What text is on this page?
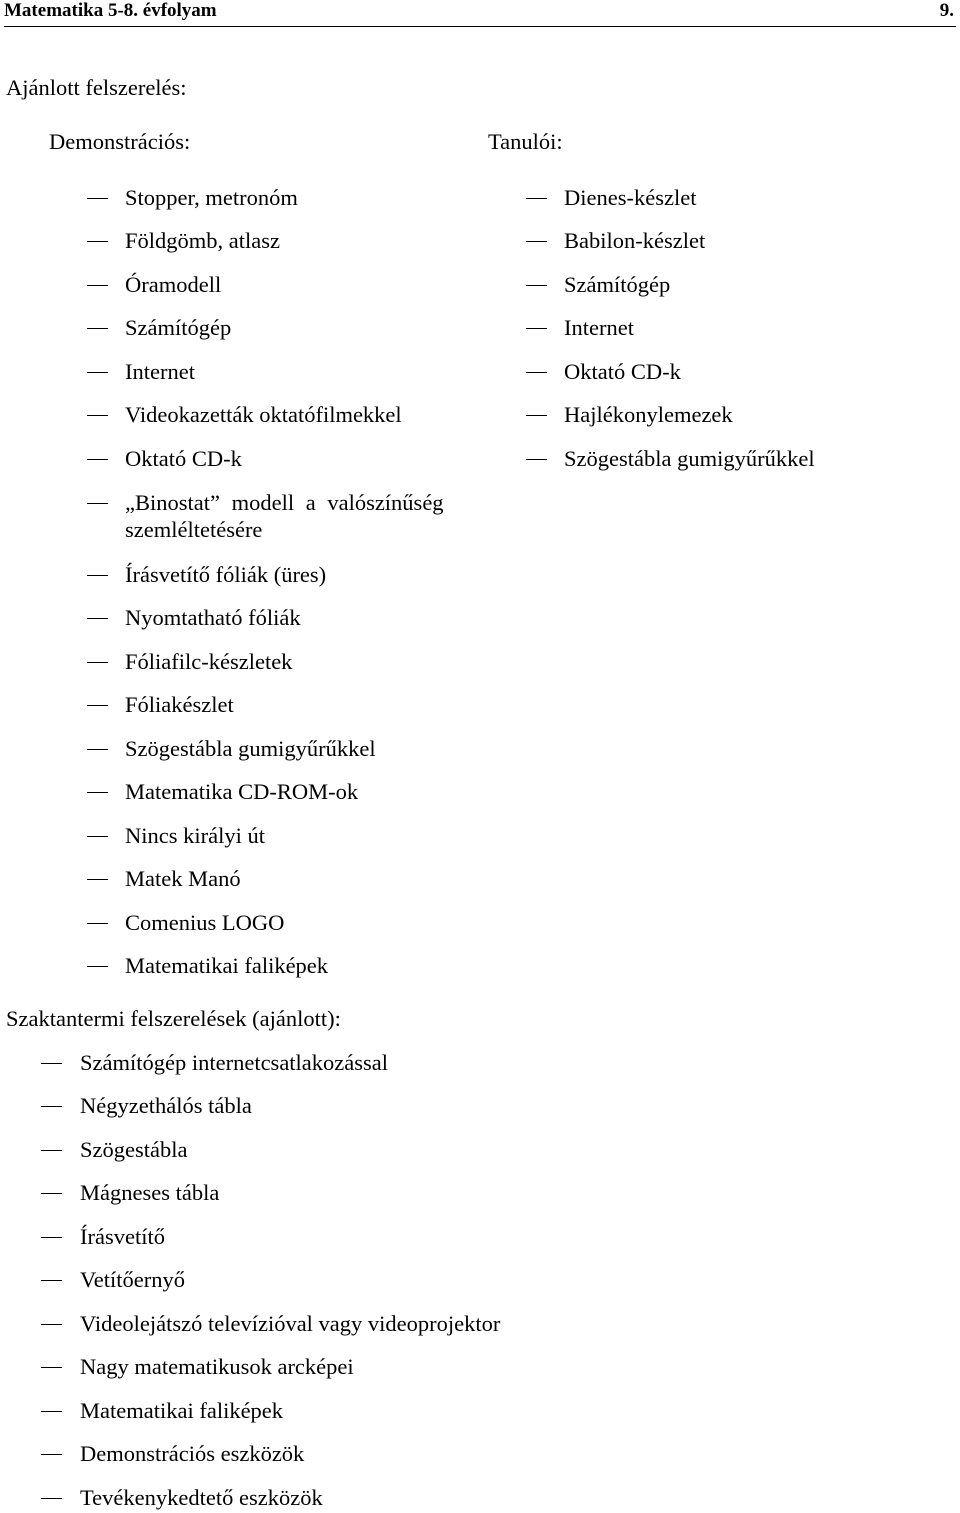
Matematika 5-8. évfolyam	9.
Ajánlott felszerelés:
Demonstrációs:	Tanulói:
Stopper, metronóm
Földgömb, atlasz
Óramodell
Számítógép
Internet
Videokazetták oktatófilmekkel
Oktató CD-k
„Binostat” modell a valószínűség
szemléltetésére
Írásvetítő fóliák (üres)
Nyomtatható fóliák
Fóliafilc-készletek
Fóliakészlet
Szögestábla gumigyűrűkkel
Matematika CD-ROM-ok
Nincs királyi út
Matek Manó
Comenius LOGO
Matematikai faliképek
Dienes-készlet
Babilon-készlet
Számítógép
Internet
Oktató CD-k
Hajlékonylemezek
Szögestábla gumigyűrűkkel
Szaktantermi felszerelések (ajánlott):
Számítógép internetcsatlakozással
Négyzethálós tábla
Szögestábla
Mágneses tábla
Írásvetítő
Vetítőernyő
Videolejátszó televízióval vagy videoprojektor
Nagy matematikusok arcképei
Matematikai faliképek
Demonstrációs eszközök
Tevékenykedtető eszközök
